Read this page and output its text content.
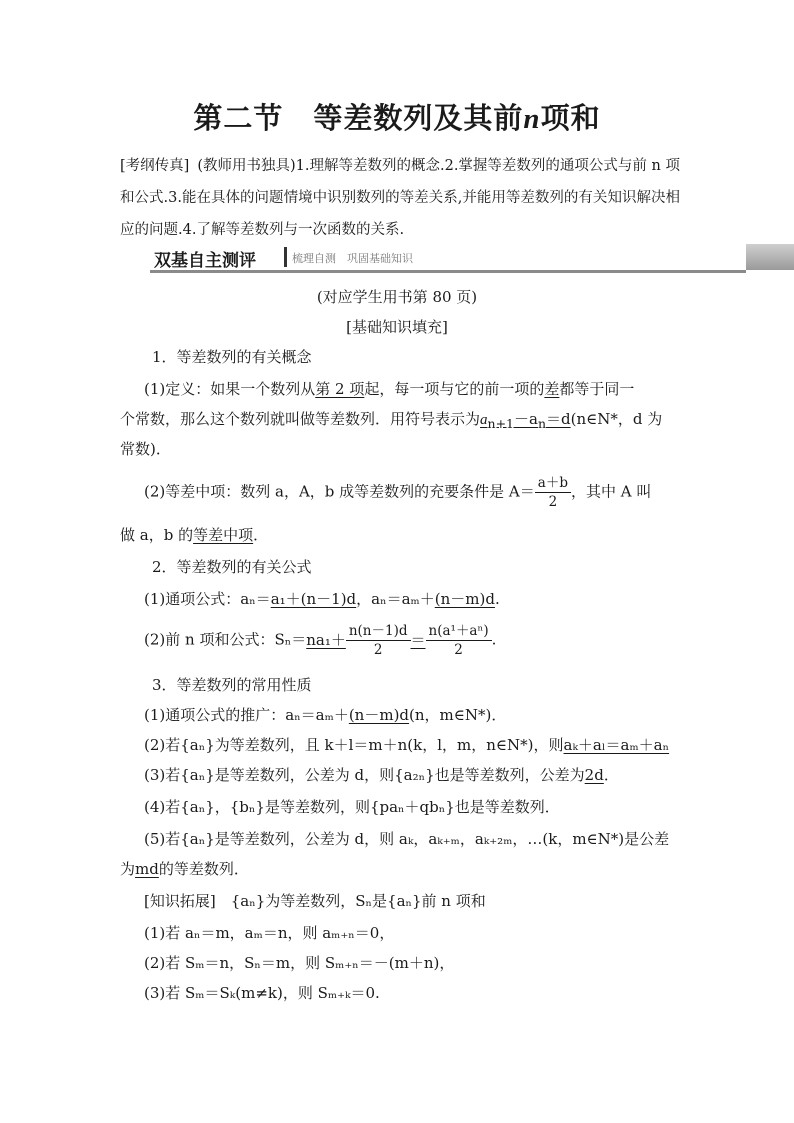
第二节　等差数列及其前n项和
[考纲传真] (教师用书独具)1.理解等差数列的概念.2.掌握等差数列的通项公式与前 n 项和公式.3.能在具体的问题情境中识别数列的等差关系,并能用等差数列的有关知识解决相应的问题.4.了解等差数列与一次函数的关系.
双基自主测评	梳理自测　巩固基础知识
(对应学生用书第 80 页)
[基础知识填充]
1．等差数列的有关概念
(1)定义：如果一个数列从第 2 项起，每一项与它的前一项的差都等于同一
个常数，那么这个数列就叫做等差数列．用符号表示为$a_{n+1}-a_n=d(n\in N*$，d 为
常数)．
(2)等差中项：数列 a，A，b 成等差数列的充要条件是 $A= \frac{a+b}{2}$ ，其中 A 叫
做 a，b 的等差中项．
2．等差数列的有关公式
(1)通项公式：aₙ＝a₁＋(n－1)d，aₙ＝aₘ＋(n－m)d.
(2)前 n 项和公式：$S_n=na_1+ \frac{n(n-1)d}{2} = \frac{\text{n(a¹＋aⁿ)}}{2}$ .
3．等差数列的常用性质
(1)通项公式的推广：aₙ＝aₘ＋(n－m)d(n，m∈N*)．
(2)若{aₙ}为等差数列，且 k＋l＝m＋n(k，l，m，n∈N*)，则aₖ＋aₗ＝aₘ＋aₙ
(3)若{aₙ}是等差数列，公差为 d，则{a₂ₙ}也是等差数列，公差为2d．
(4)若{aₙ}，{bₙ}是等差数列，则{paₙ＋qbₙ}也是等差数列．
(5)若{aₙ}是等差数列，公差为 d，则 aₖ，aₖ₊ₘ，aₖ₊₂ₘ，…(k，m∈N*)是公差
为md的等差数列．
[知识拓展]　 {aₙ}为等差数列，Sₙ是{aₙ}前 n 项和
(1)若 aₙ＝m，aₘ＝n，则 aₘ₊ₙ＝0，
(2)若 Sₘ＝n，Sₙ＝m，则 Sₘ₊ₙ＝－(m＋n)，
(3)若 Sₘ＝Sₖ(m≠k)，则 Sₘ₊ₖ＝0.
